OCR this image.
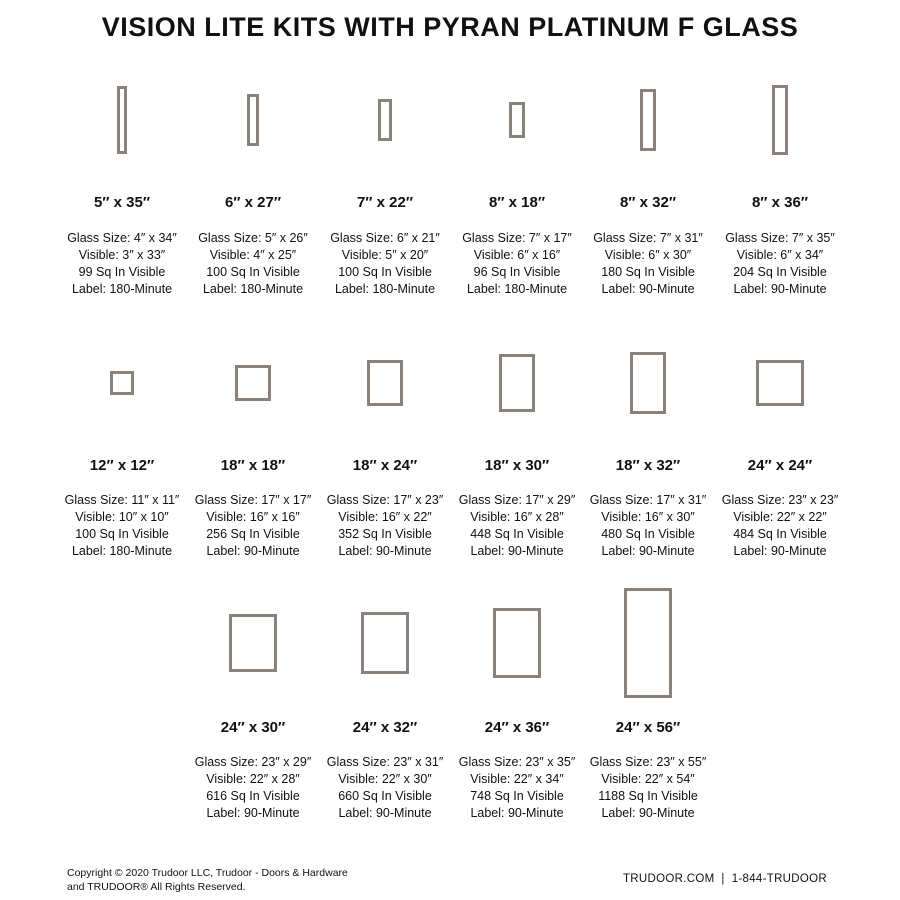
VISION LITE KITS WITH PYRAN PLATINUM F GLASS
5″ x 35″
Glass Size: 4″ x 34″
Visible: 3″ x 33″
99 Sq In Visible
Label: 180-Minute
6″ x 27″
Glass Size: 5″ x 26″
Visible: 4″ x 25″
100 Sq In Visible
Label: 180-Minute
7″ x 22″
Glass Size: 6″ x 21″
Visible: 5″ x 20″
100 Sq In Visible
Label: 180-Minute
8″ x 18″
Glass Size: 7″ x 17″
Visible: 6″ x 16″
96 Sq In Visible
Label: 180-Minute
8″ x 32″
Glass Size: 7″ x 31″
Visible: 6″ x 30″
180 Sq In Visible
Label: 90-Minute
8″ x 36″
Glass Size: 7″ x 35″
Visible: 6″ x 34″
204 Sq In Visible
Label: 90-Minute
12″ x 12″
Glass Size: 11″ x 11″
Visible: 10″ x 10″
100 Sq In Visible
Label: 180-Minute
18″ x 18″
Glass Size: 17″ x 17″
Visible: 16″ x 16″
256 Sq In Visible
Label: 90-Minute
18″ x 24″
Glass Size: 17″ x 23″
Visible: 16″ x 22″
352 Sq In Visible
Label: 90-Minute
18″ x 30″
Glass Size: 17″ x 29″
Visible: 16″ x 28″
448 Sq In Visible
Label: 90-Minute
18″ x 32″
Glass Size: 17″ x 31″
Visible: 16″ x 30″
480 Sq In Visible
Label: 90-Minute
24″ x 24″
Glass Size: 23″ x 23″
Visible: 22″ x 22″
484 Sq In Visible
Label: 90-Minute
24″ x 30″
Glass Size: 23″ x 29″
Visible: 22″ x 28″
616 Sq In Visible
Label: 90-Minute
24″ x 32″
Glass Size: 23″ x 31″
Visible: 22″ x 30″
660 Sq In Visible
Label: 90-Minute
24″ x 36″
Glass Size: 23″ x 35″
Visible: 22″ x 34″
748 Sq In Visible
Label: 90-Minute
24″ x 56″
Glass Size: 23″ x 55″
Visible: 22″ x 54″
1188 Sq In Visible
Label: 90-Minute
Copyright © 2020 Trudoor LLC, Trudoor - Doors & Hardware
and TRUDOOR® All Rights Reserved.
TRUDOOR.COM  |  1-844-TRUDOOR
